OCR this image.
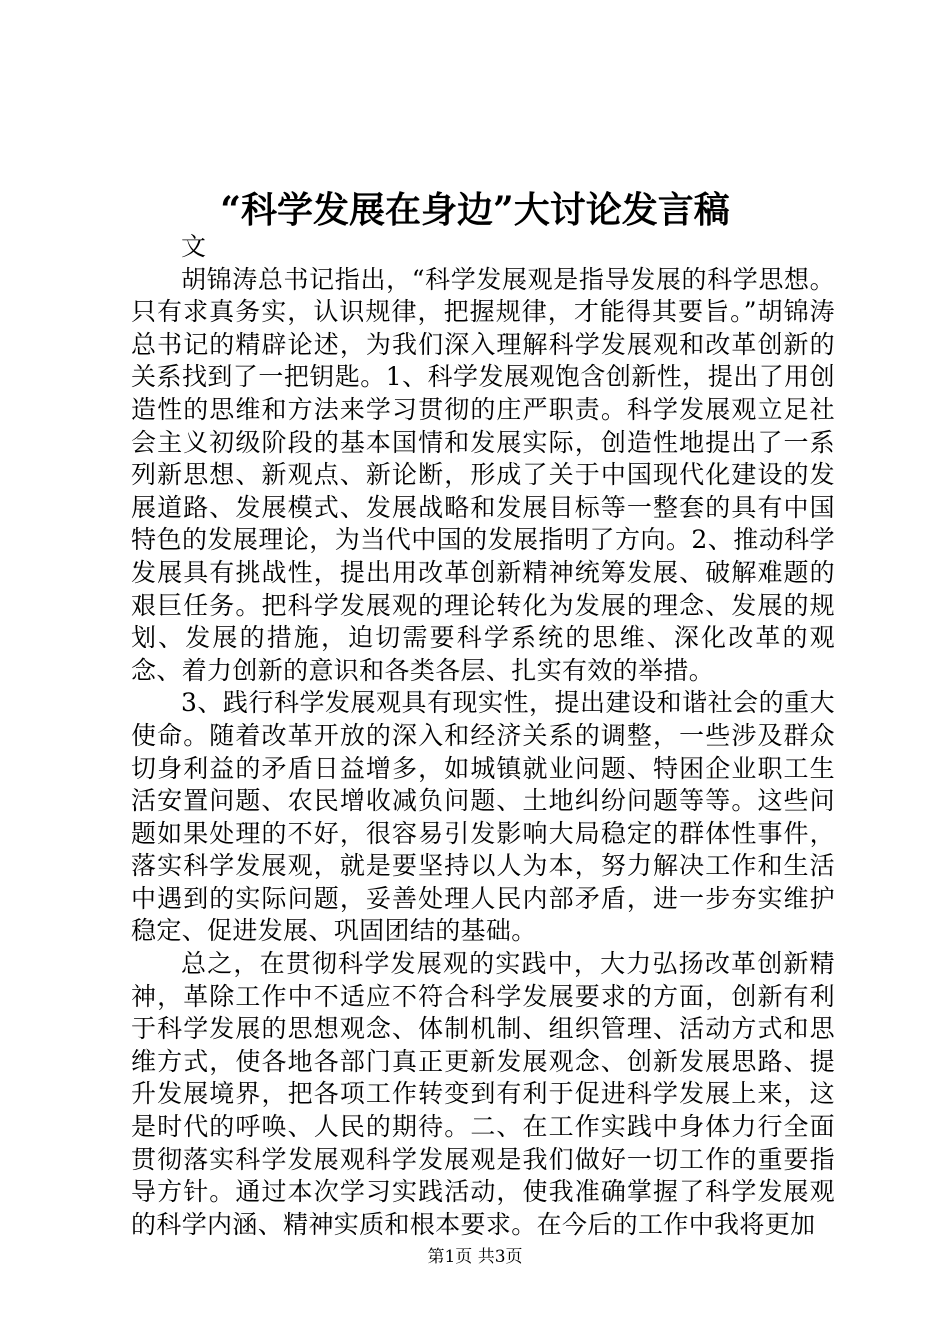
“科学发展在身边”大讨论发言稿

文

胡锦涛总书记指出，“科学发展观是指导发展的科学思想。只有求真务实，认识规律，把握规律，才能得其要旨。”胡锦涛总书记的精辟论述，为我们深入理解科学发展观和改革创新的关系找到了一把钥匙。1、科学发展观饱含创新性，提出了用创造性的思维和方法来学习贯彻的庄严职责。科学发展观立足社会主义初级阶段的基本国情和发展实际，创造性地提出了一系列新思想、新观点、新论断，形成了关于中国现代化建设的发展道路、发展模式、发展战略和发展目标等一整套的具有中国特色的发展理论，为当代中国的发展指明了方向。2、推动科学发展具有挑战性，提出用改革创新精神统筹发展、破解难题的艰巨任务。把科学发展观的理论转化为发展的理念、发展的规划、发展的措施，迫切需要科学系统的思维、深化改革的观念、着力创新的意识和各类各层、扎实有效的举措。

3、践行科学发展观具有现实性，提出建设和谐社会的重大使命。随着改革开放的深入和经济关系的调整，一些涉及群众切身利益的矛盾日益增多，如城镇就业问题、特困企业职工生活安置问题、农民增收减负问题、土地纠纷问题等等。这些问题如果处理的不好，很容易引发影响大局稳定的群体性事件，落实科学发展观，就是要坚持以人为本，努力解决工作和生活中遇到的实际问题，妥善处理人民内部矛盾，进一步夯实维护稳定、促进发展、巩固团结的基础。

总之，在贯彻科学发展观的实践中，大力弘扬改革创新精神，革除工作中不适应不符合科学发展要求的方面，创新有利于科学发展的思想观念、体制机制、组织管理、活动方式和思维方式，使各地各部门真正更新发展观念、创新发展思路、提升发展境界，把各项工作转变到有利于促进科学发展上来，这是时代的呼唤、人民的期待。二、在工作实践中身体力行全面贯彻落实科学发展观科学发展观是我们做好一切工作的重要指导方针。通过本次学习实践活动，使我准确掌握了科学发展观的科学内涵、精神实质和根本要求。在今后的工作中我将更加

第1页 共3页
